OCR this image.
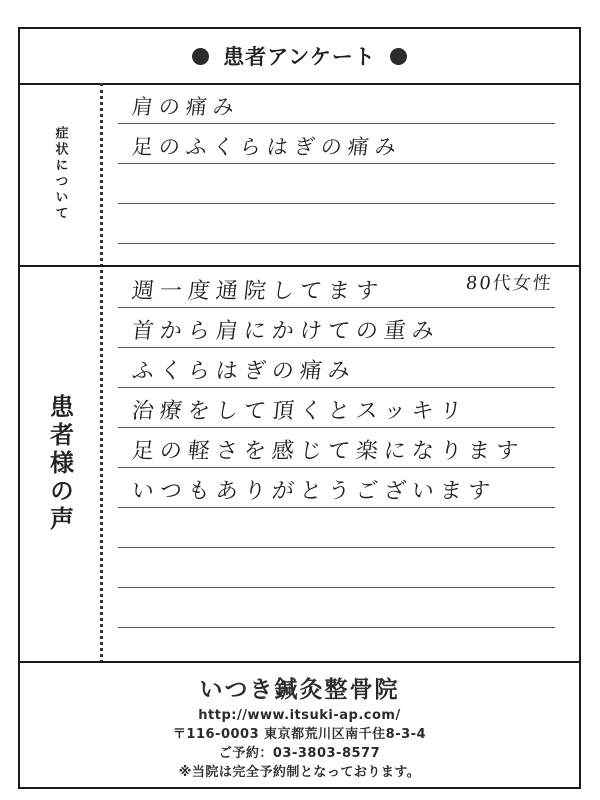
患者アンケート
症状について
肩の痛み
足のふくらはぎの痛み
80代女性
患者様の声
週一度通院してます
首から肩にかけての重み
ふくらはぎの痛み
治療をして頂くとスッキリ
足の軽さを感じて楽になります
いつもありがとうございます
いつき鍼灸整骨院
http://www.itsuki-ap.com/
〒116-0003 東京都荒川区南千住8-3-4
ご予約：03-3803-8577
※当院は完全予約制となっております。
